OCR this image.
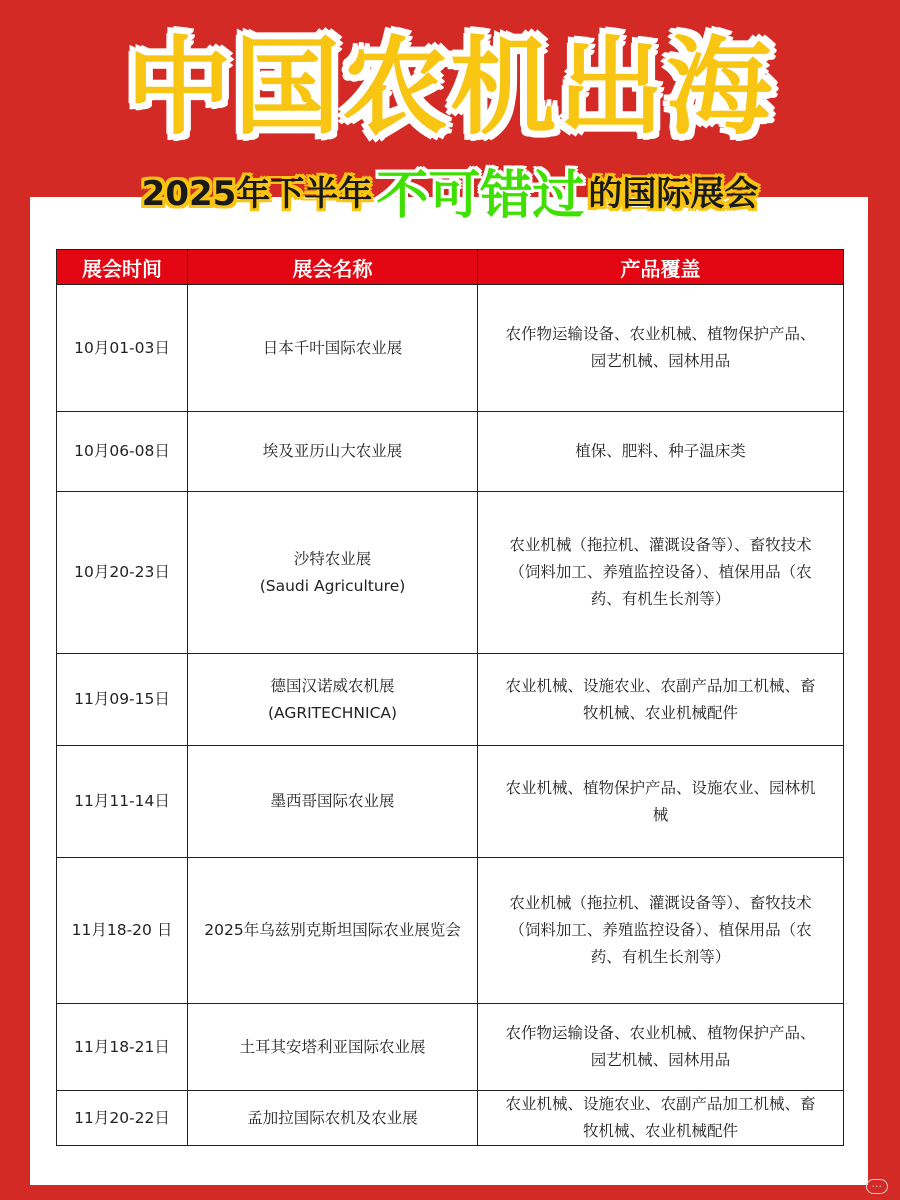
中国农机出海
2025年下半年 不可错过 的国际展会
展会时间	展会名称	产品覆盖
10月01-03日	日本千叶国际农业展	农作物运输设备、农业机械、植物保护产品、
园艺机械、园林用品

10月06-08日	埃及亚历山大农业展	植保、肥料、种子温床类

10月20-23日	沙特农业展
(Saudi Agriculture)	农业机械（拖拉机、灌溉设备等）、畜牧技术
（饲料加工、养殖监控设备）、植保用品（农
药、有机生长剂等）

11月09-15日	德国汉诺威农机展
(AGRITECHNICA)	农业机械、设施农业、农副产品加工机械、畜
牧机械、农业机械配件

11月11-14日	墨西哥国际农业展	农业机械、植物保护产品、设施农业、园林机
械

11月18-20 日	2025年乌兹别克斯坦国际农业展览会	农业机械（拖拉机、灌溉设备等）、畜牧技术
（饲料加工、养殖监控设备）、植保用品（农
药、有机生长剂等）

11月18-21日	土耳其安塔利亚国际农业展	农作物运输设备、农业机械、植物保护产品、
园艺机械、园林用品

11月20-22日	孟加拉国际农机及农业展	农业机械、设施农业、农副产品加工机械、畜
牧机械、农业机械配件
···
